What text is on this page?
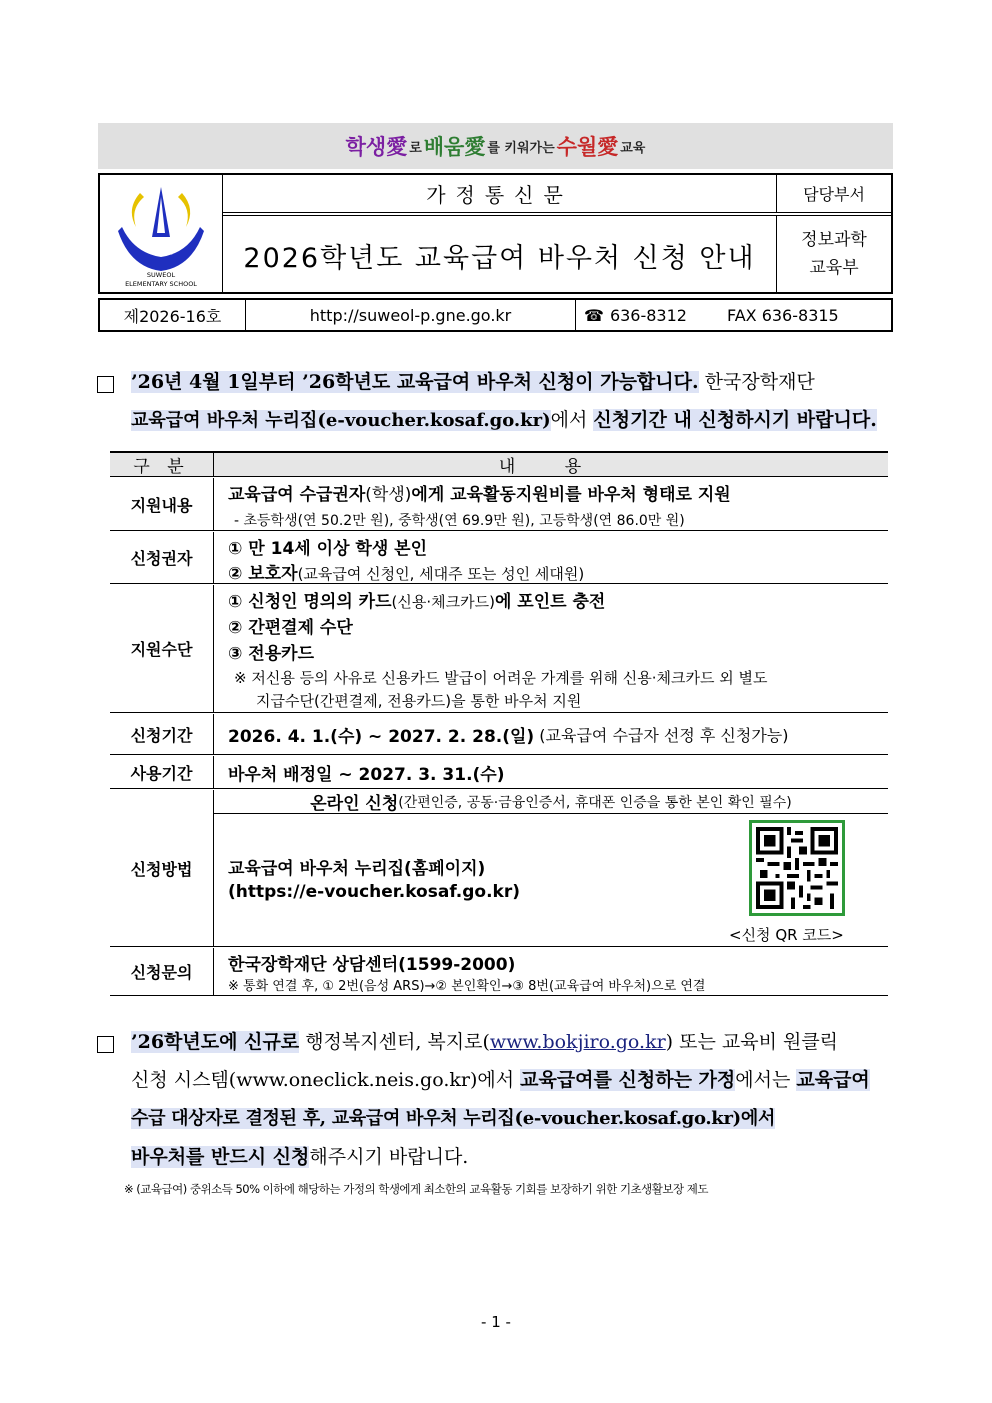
학생愛 로 배움愛 를 키워가는 수월愛 교육
수 월
SUWEOL
ELEMENTARY SCHOOL
가정통신문
2026학년도 교육급여 바우처 신청 안내
담당부서
정보과학
교육부
제2026-16호	http://suweol-p.gne.go.kr	☎ 636-8312	FAX 636-8315
’26년 4월 1일부터 ’26학년도 교육급여 바우처 신청이 가능합니다. 한국장학재단
교육급여 바우처 누리집(e-voucher.kosaf.go.kr)에서 신청기간 내 신청하시기 바랍니다.
구 분	내 용
지원내용	교육급여 수급권자(학생)에게 교육활동지원비를 바우처 형태로 지원
- 초등학생(연 50.2만 원), 중학생(연 69.9만 원), 고등학생(연 86.0만 원)
신청권자	① 만 14세 이상 학생 본인
② 보호자(교육급여 신청인, 세대주 또는 성인 세대원)
지원수단
① 신청인 명의의 카드(신용·체크카드)에 포인트 충전
② 간편결제 수단
③ 전용카드
※ 저신용 등의 사유로 신용카드 발급이 어려운 가계를 위해 신용·체크카드 외 별도
지급수단(간편결제, 전용카드)을 통한 바우처 지원
신청기간	2026. 4. 1.(수) ~ 2027. 2. 28.(일) (교육급여 수급자 선정 후 신청가능)
사용기간	바우처 배정일 ~ 2027. 3. 31.(수)
신청방법
온라인 신청 (간편인증, 공동·금융인증서, 휴대폰 인증을 통한 본인 확인 필수)
교육급여 바우처 누리집(홈페이지)
(https://e-voucher.kosaf.go.kr)
<신청 QR 코드>
신청문의	한국장학재단 상담센터(1599-2000)
※ 통화 연결 후, ① 2번(음성 ARS)→② 본인확인→③ 8번(교육급여 바우처)으로 연결
’26학년도에 신규로 행정복지센터, 복지로(www.bokjiro.go.kr) 또는 교육비 원클릭
신청 시스템(www.oneclick.neis.go.kr)에서 교육급여를 신청하는 가정에서는 교육급여
수급 대상자로 결정된 후, 교육급여 바우처 누리집(e-voucher.kosaf.go.kr)에서
바우처를 반드시 신청해주시기 바랍니다.
※ (교육급여) 중위소득 50% 이하에 해당하는 가정의 학생에게 최소한의 교육활동 기회를 보장하기 위한 기초생활보장 제도
- 1 -
